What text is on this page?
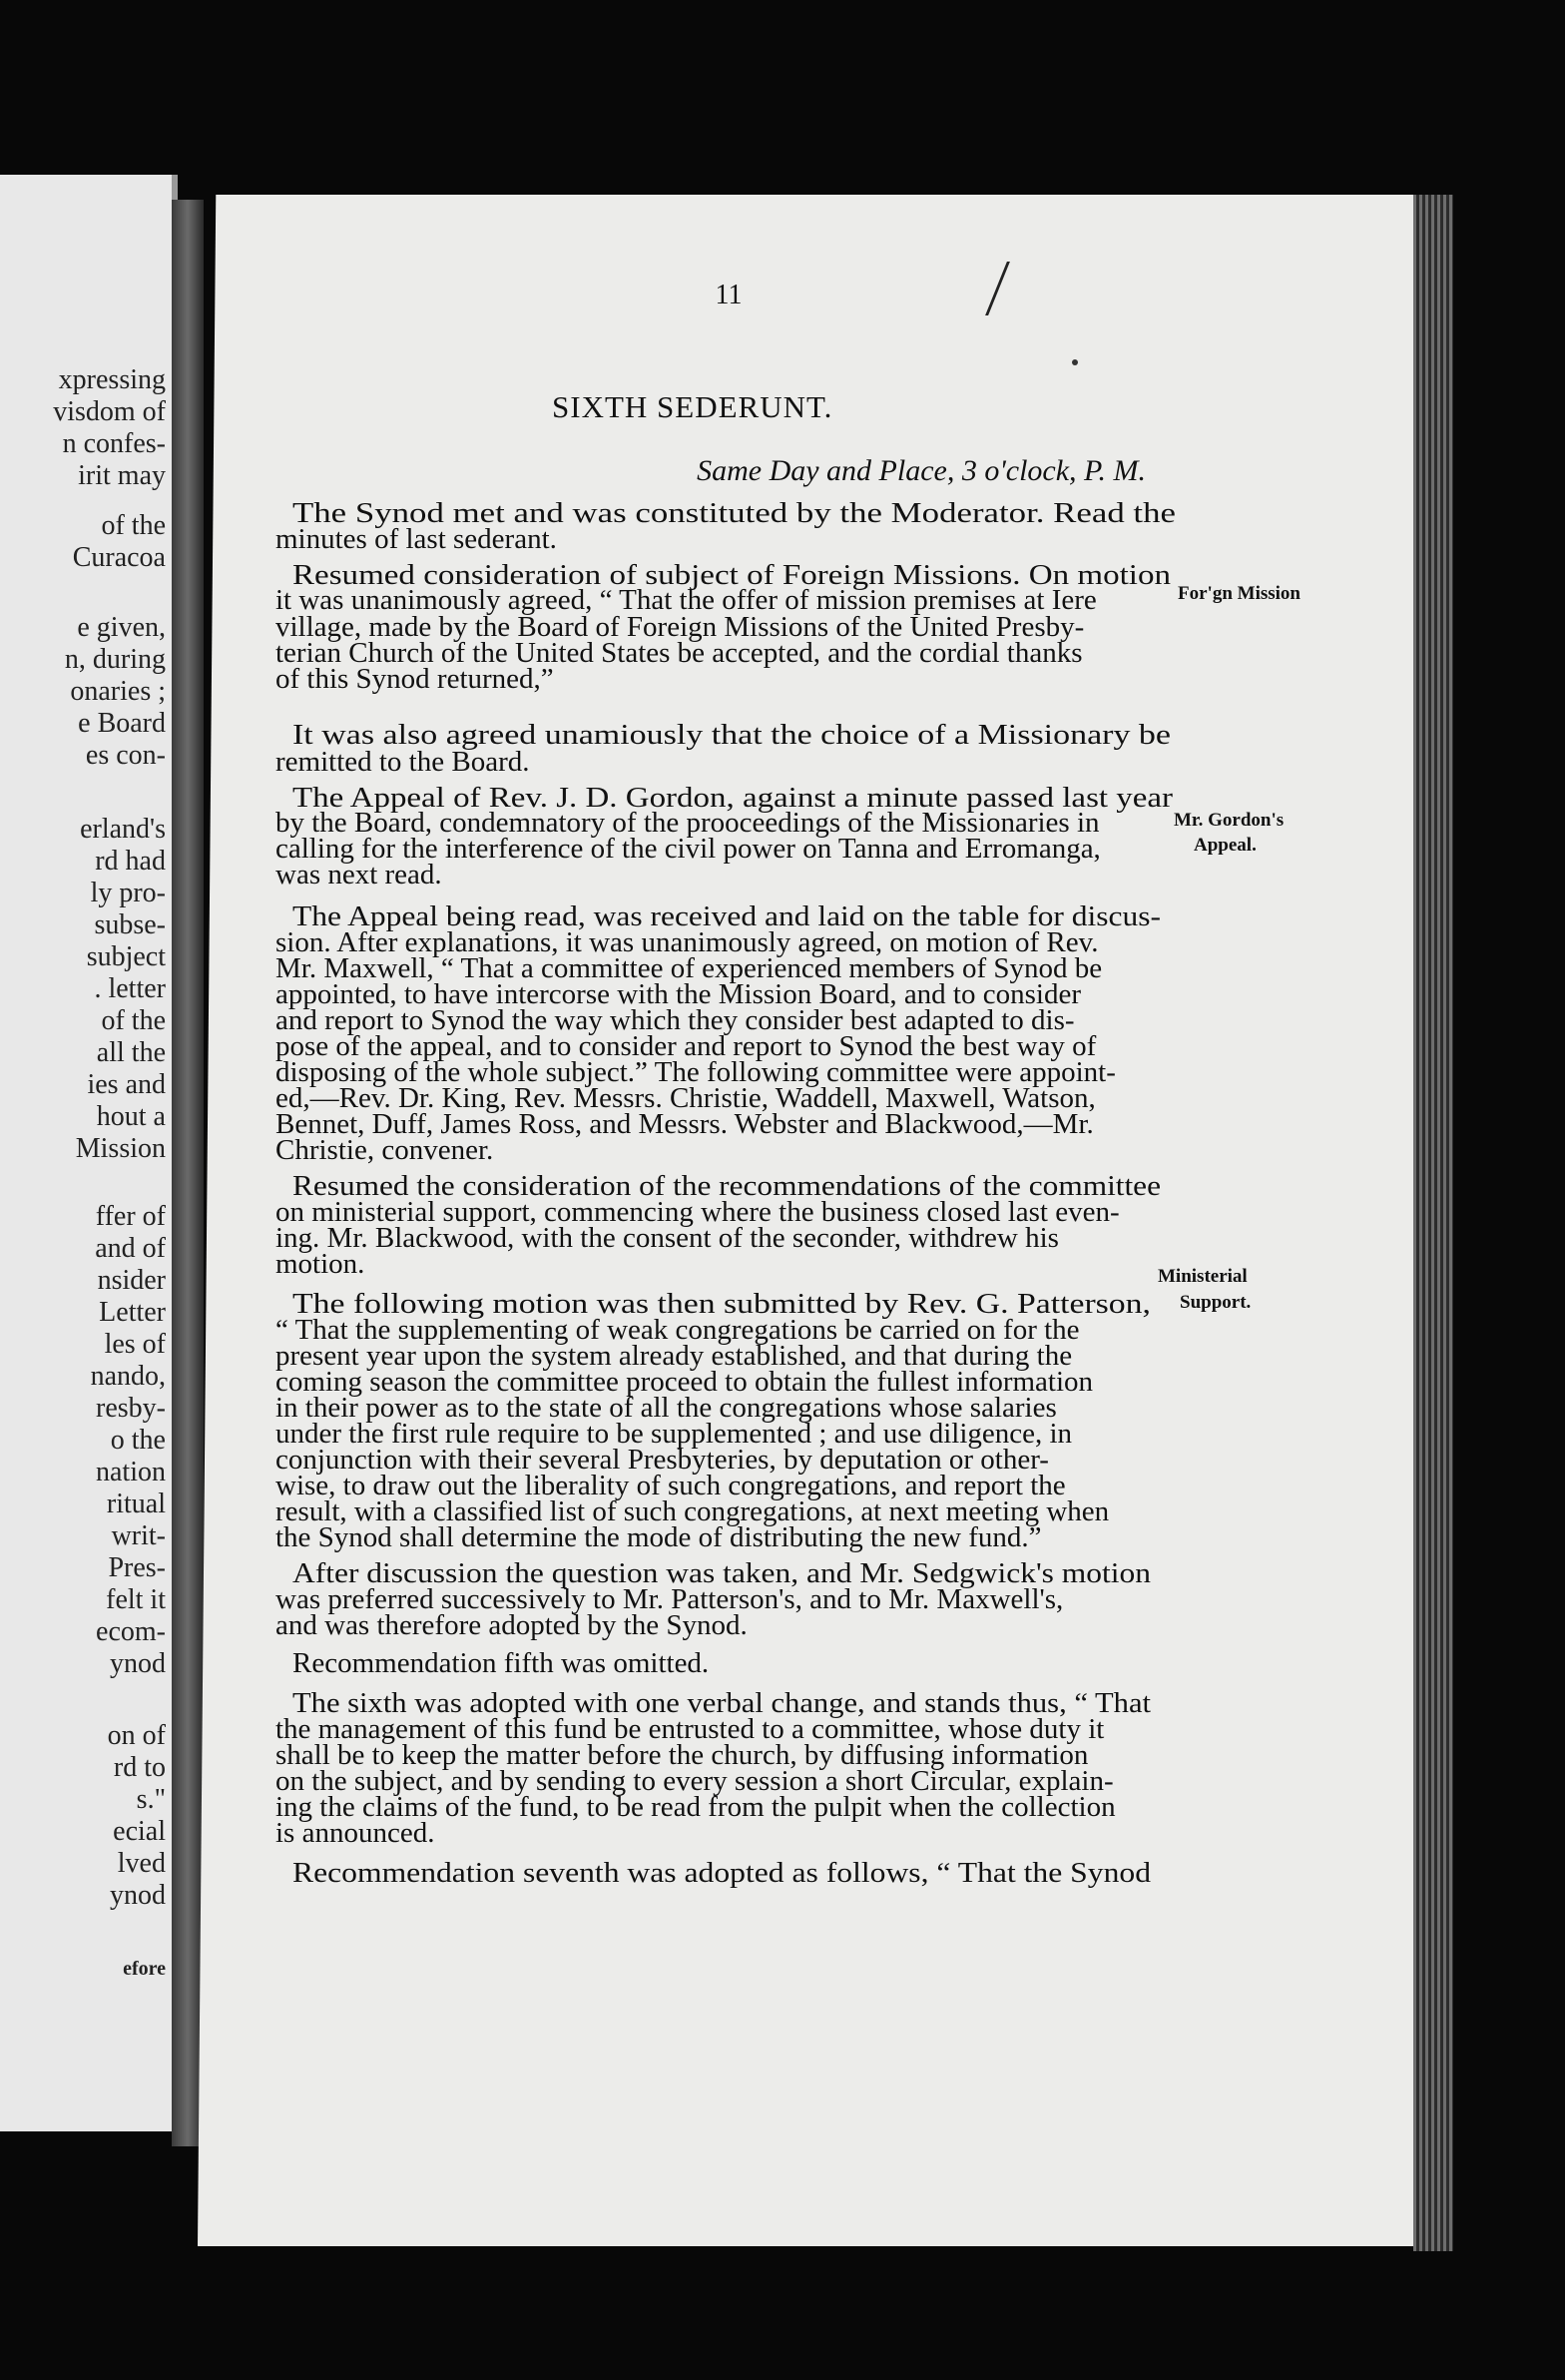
xpressing
visdom of
n confes-
irit may
of the
Curacoa
e given,
n, during
onaries ;
e Board
es con-
erland's
rd had
ly pro-
subse-
subject
. letter
of the
all the
ies and
hout a
Mission
ffer of
and of
nsider
Letter
les of
nando,
resby-
o the
nation
ritual
writ-
Pres-
felt it
ecom-
ynod
on of
rd to
s."
ecial
lved
ynod
efore
11
SIXTH SEDERUNT.
Same Day and Place, 3 o'clock, P. M.
The Synod met and was constituted by the Moderator. Read the
minutes of last sederant.
Resumed consideration of subject of Foreign Missions. On motion
it was unanimously agreed, “ That the offer of mission premises at Iere
village, made by the Board of Foreign Missions of the United Presby-
terian Church of the United States be accepted, and the cordial thanks
of this Synod returned,”
It was also agreed unamiously that the choice of a Missionary be
remitted to the Board.
The Appeal of Rev. J. D. Gordon, against a minute passed last year
by the Board, condemnatory of the prooceedings of the Missionaries in
calling for the interference of the civil power on Tanna and Erromanga,
was next read.
The Appeal being read, was received and laid on the table for discus-
sion. After explanations, it was unanimously agreed, on motion of Rev.
Mr. Maxwell, “ That a committee of experienced members of Synod be
appointed, to have intercorse with the Mission Board, and to consider
and report to Synod the way which they consider best adapted to dis-
pose of the appeal, and to consider and report to Synod the best way of
disposing of the whole subject.” The following committee were appoint-
ed,—Rev. Dr. King, Rev. Messrs. Christie, Waddell, Maxwell, Watson,
Bennet, Duff, James Ross, and Messrs. Webster and Blackwood,—Mr.
Christie, convener.
Resumed the consideration of the recommendations of the committee
on ministerial support, commencing where the business closed last even-
ing. Mr. Blackwood, with the consent of the seconder, withdrew his
motion.
The following motion was then submitted by Rev. G. Patterson,
“ That the supplementing of weak congregations be carried on for the
present year upon the system already established, and that during the
coming season the committee proceed to obtain the fullest information
in their power as to the state of all the congregations whose salaries
under the first rule require to be supplemented ; and use diligence, in
conjunction with their several Presbyteries, by deputation or other-
wise, to draw out the liberality of such congregations, and report the
result, with a classified list of such congregations, at next meeting when
the Synod shall determine the mode of distributing the new fund.”
After discussion the question was taken, and Mr. Sedgwick's motion
was preferred successively to Mr. Patterson's, and to Mr. Maxwell's,
and was therefore adopted by the Synod.
Recommendation fifth was omitted.
The sixth was adopted with one verbal change, and stands thus, “ That
the management of this fund be entrusted to a committee, whose duty it
shall be to keep the matter before the church, by diffusing information
on the subject, and by sending to every session a short Circular, explain-
ing the claims of the fund, to be read from the pulpit when the collection
is announced.
Recommendation seventh was adopted as follows, “ That the Synod
For'gn Mission
Mr. Gordon's
Appeal.
Ministerial
Support.
